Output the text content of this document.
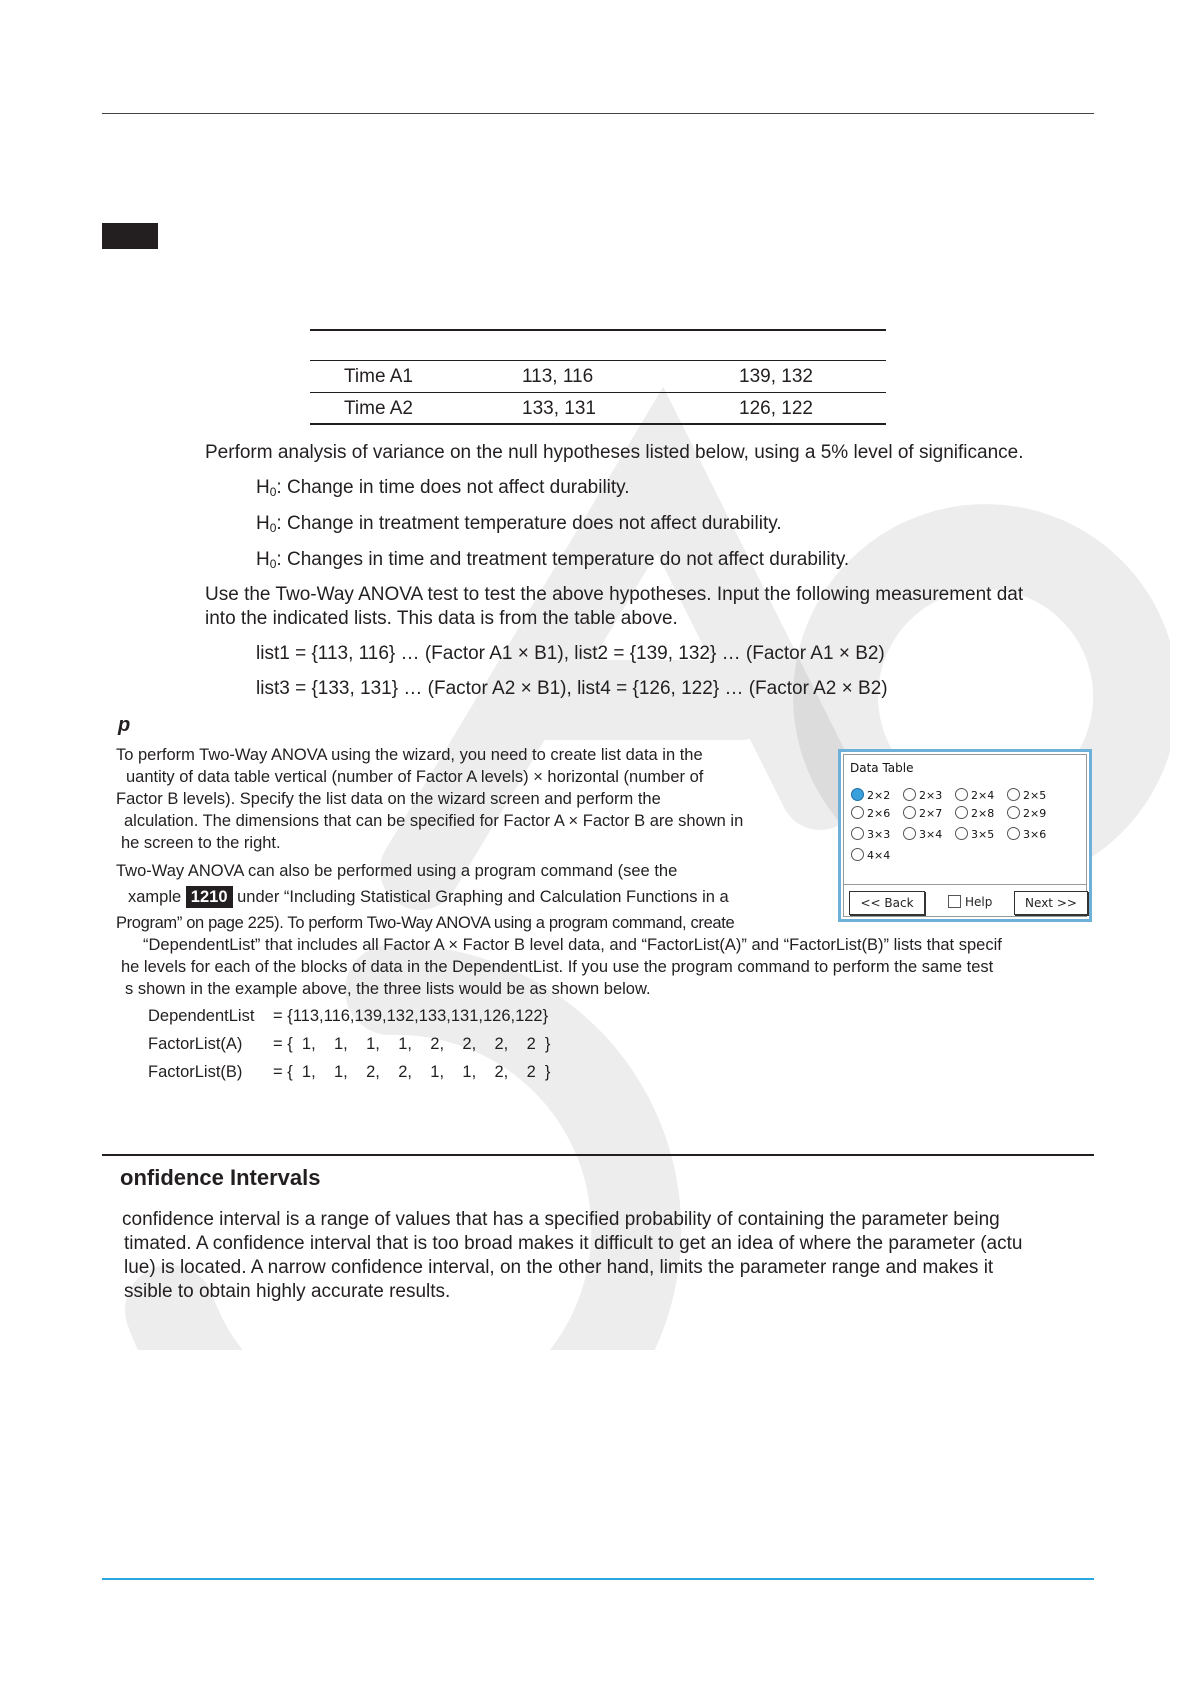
Time A1	113, 116	139, 132
Time A2	133, 131	126, 122
Perform analysis of variance on the null hypotheses listed below, using a 5% level of significance.
H0: Change in time does not affect durability.
H0: Change in treatment temperature does not affect durability.
H0: Changes in time and treatment temperature do not affect durability.
Use the Two-Way ANOVA test to test the above hypotheses. Input the following measurement dat
into the indicated lists. This data is from the table above.
list1 = {113, 116} … (Factor A1 × B1), list2 = {139, 132} … (Factor A1 × B2)
list3 = {133, 131} … (Factor A2 × B1), list4 = {126, 122} … (Factor A2 × B2)
p
To perform Two-Way ANOVA using the wizard, you need to create list data in the
uantity of data table vertical (number of Factor A levels) × horizontal (number of
Factor B levels). Specify the list data on the wizard screen and perform the
alculation. The dimensions that can be specified for Factor A × Factor B are shown in
he screen to the right.
Two-Way ANOVA can also be performed using a program command (see the
xample 1210 under “Including Statistical Graphing and Calculation Functions in a
Program” on page 225). To perform Two-Way ANOVA using a program command, create
“DependentList” that includes all Factor A × Factor B level data, and “FactorList(A)” and “FactorList(B)” lists that specif
he levels for each of the blocks of data in the DependentList. If you use the program command to perform the same test
s shown in the example above, the three lists would be as shown below.
DependentList = {113,116,139,132,133,131,126,122}
FactorList(A) = {  1,    1,    1,    1,    2,    2,    2,    2  }
FactorList(B) = {  1,    1,    2,    2,    1,    1,    2,    2  }
Data Table
2×2	2×3	2×4	2×5
2×6	2×7	2×8	2×9
3×3	3×4	3×5	3×6
4×4
<< Back	Help	Next >>
onfidence Intervals
confidence interval is a range of values that has a specified probability of containing the parameter being
timated. A confidence interval that is too broad makes it difficult to get an idea of where the parameter (actu
lue) is located. A narrow confidence interval, on the other hand, limits the parameter range and makes it
ssible to obtain highly accurate results.
